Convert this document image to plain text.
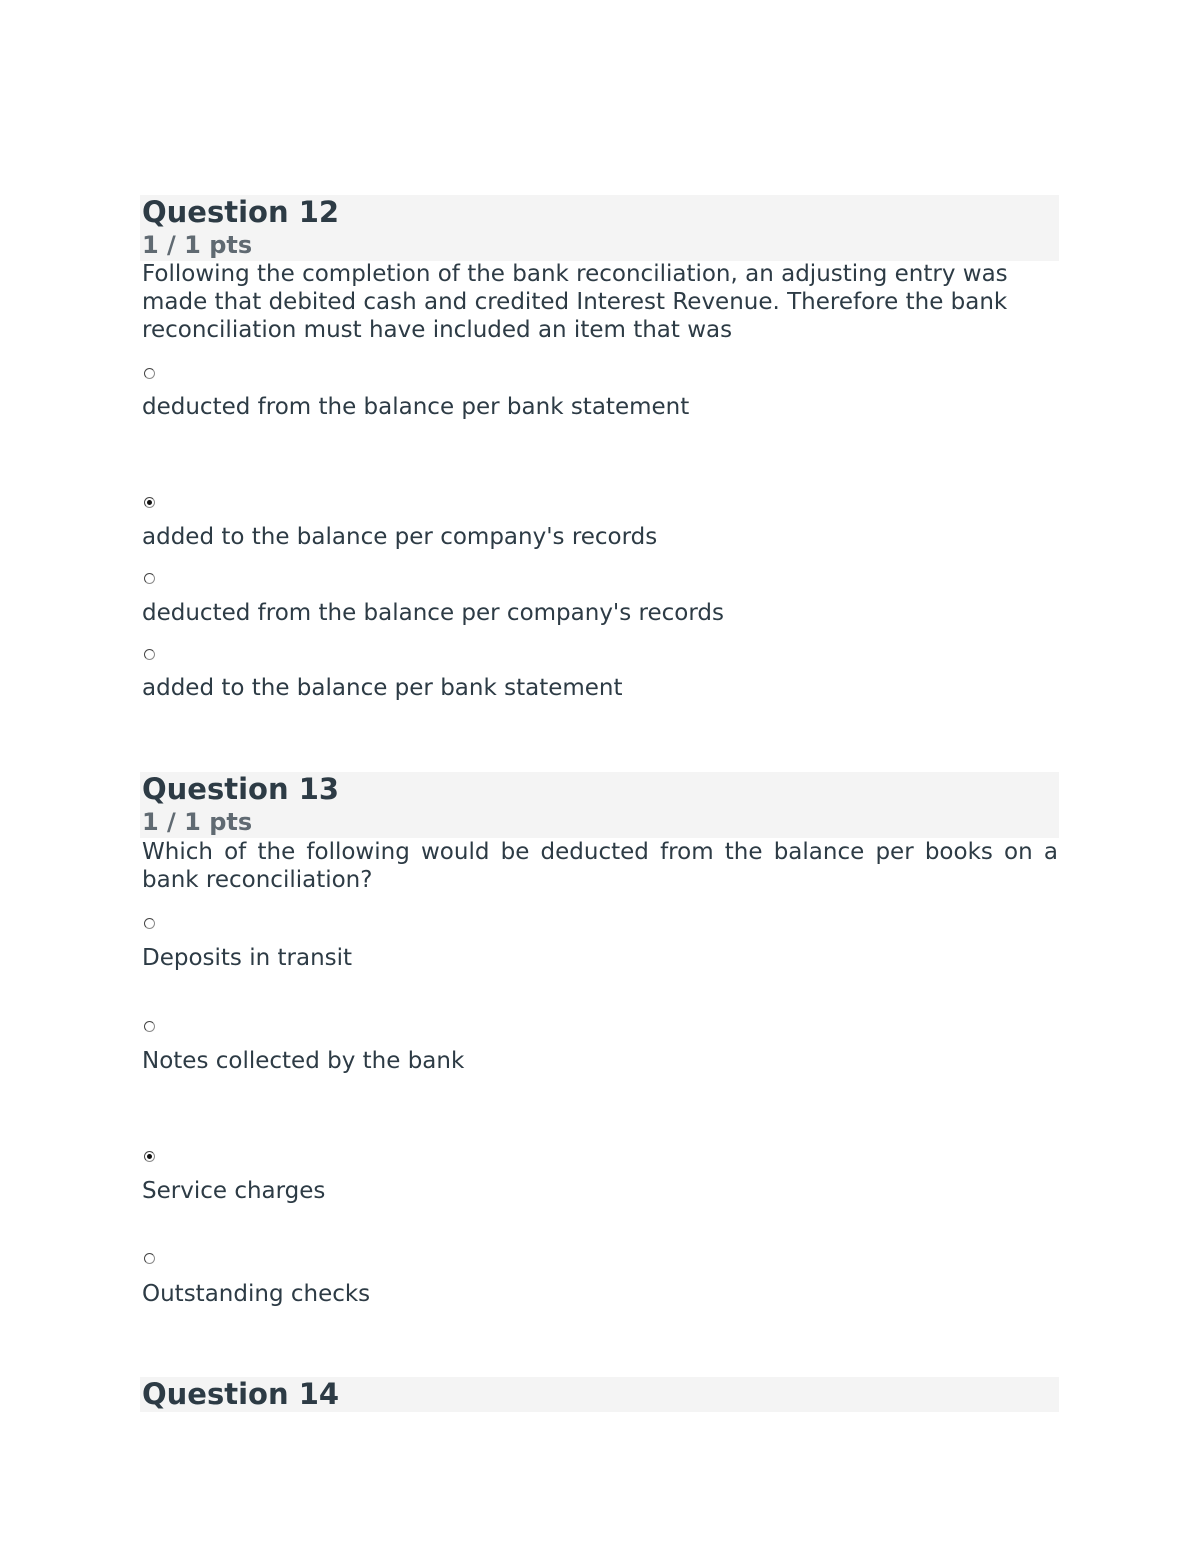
Question 12
1 / 1 pts
Following the completion of the bank reconciliation, an adjusting entry was made that debited cash and credited Interest Revenue. Therefore the bank reconciliation must have included an item that was
deducted from the balance per bank statement
added to the balance per company's records
deducted from the balance per company's records
added to the balance per bank statement
Question 13
1 / 1 pts
Which of the following would be deducted from the balance per books on a bank reconciliation?
Deposits in transit
Notes collected by the bank
Service charges
Outstanding checks
Question 14
